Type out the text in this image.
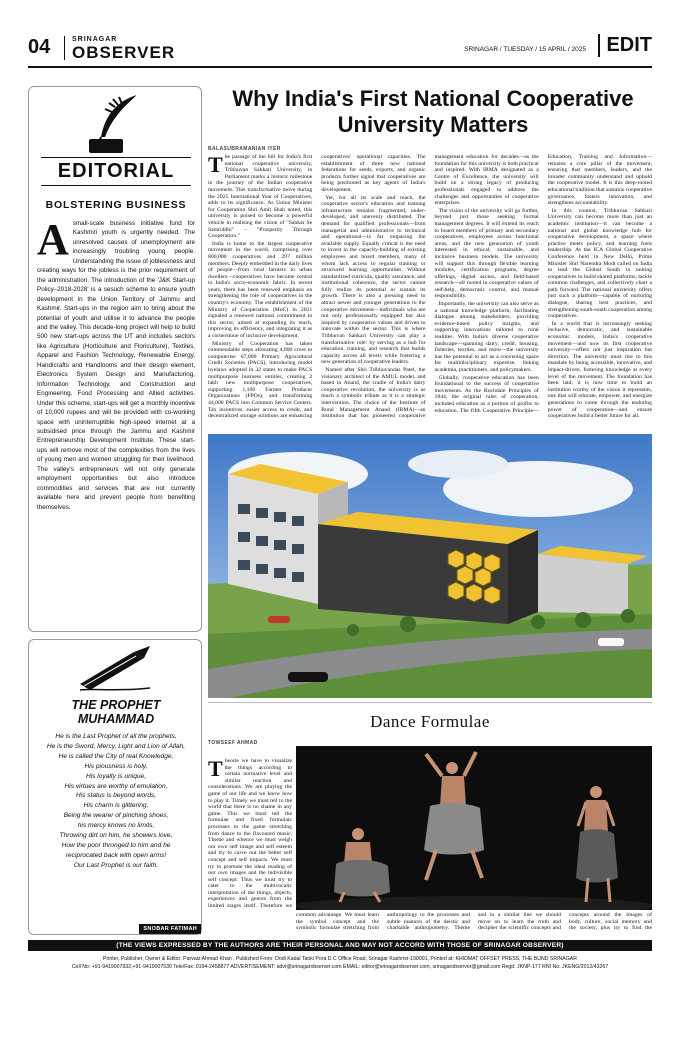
04	SRINAGAR
OBSERVER	SRINAGAR / TUESDAY / 15 APRIL / 2025	EDIT
EDITORIAL
BOLSTERING BUSINESS
A small-scale business initiative fund for Kashmiri youth is urgently needed. The unresolved causes of unemployment are increasingly troubling young people. Understanding the issue of joblessness and creating ways for the jobless is the prior requirement of the administration. The introduction of the 'J&K Start-up Policy–2018-2028' is a sesuch scheme to ensure youth development in the Union Territory of Jammu and Kashmir. Start-ups in the region aim to bring about the potential of youth and utilise it to advance the people and the valley. This decade-long project will help to build 500 new start-ups across the UT and includes sectors like Agriculture (Horticulture and Floriculture), Textiles, Apparel and Fashion Technology, Renewable Energy, Handicrafts and Handlooms and their design element, Electronics System Design and Manufacturing, Information Technology, and Construction and Engineering, Food Processing and Allied activities. Under this scheme, start-ups will get a monthly incentive of 10,000 rupees and will be provided with co-working space with uninterruptible high-speed internet at a subsidised price through the Jammu and Kashmir Entrepreneurship Development Institute. These start-ups will remove most of the complexities from the lives of young men and women struggling for their livelihood. The valley's entrepreneurs will not only generate employment opportunities but also introduce commodities and services that are not currently available here and prevent people from benefiting themselves.
THE PROPHET MUHAMMAD
He is the Last Prophet of all the prophets,
He is the Sword, Mercy, Light and Lion of Allah,
He is called the City of real Knowledge,
His piousness is holy,
His loyalty is unique,
His virtues are worthy of emulation,
His status is beyond words,
His charm is glittering,
Being the wearer of pinching shoes,
his mercy knows no limits,
Throwing dirt on him, he showers love,
How the poor thronged to him and he
reciprocated back with open arms!
Our Last Prophet is our faith.
SNOBAR FATIMAH
Why India's First National Cooperative University Matters
BALASUBRAMANIAN IYER

The passage of the bill for India's first national cooperative university, Tribhuvan Sahkari University, in Parliament marks a historic milestone in the journey of the Indian cooperative movement. This transformative move during the 2025 International Year of Cooperatives, adds to its significance. As Union Minister for Cooperation Shri Amit Shah noted, this university is poised to become a powerful vehicle in realising the vision of "Sahkar Se Samriddhi" – "Prosperity Through Cooperation."

India is home to the largest cooperative movement in the world, comprising over 800,000 cooperatives and 297 million members. Deeply embedded in the daily lives of people—from rural farmers to urban dwellers—cooperatives have become central to India's socio-economic fabric. In recent years, there has been renewed emphasis on strengthening the role of cooperatives in the country's economy. The establishment of the Ministry of Cooperation (MoC) in 2021 signaled a renewed national commitment to this sector, aimed at expanding its reach, improving its efficiency, and integrating it as a cornerstone of inclusive development.

Ministry of Cooperation has taken commendable steps allocating 4,000 crore to computerise 67,000 Primary Agricultural Credit Societies (PACS), introducing model byelaws adopted in 32 states to make PACS multipurpose business entities, creating 2 lakh new multipurpose cooperatives, supporting 1,100 Farmer Producer Organizations (FPOs), and transforming 44,000 PACS into Common Service Centers. Tax incentives, easier access to credit, and decentralized storage solutions are enhancing cooperatives' operational capacities. The establishment of three new national federations for seeds, exports, and organic products further signal that cooperatives are being positioned as key agents of India's development.

Yet, for all its scale and reach, the cooperative sector's education and training infrastructure remains fragmented, under-developed, and unevenly distributed. The demand for qualified professionals—from managerial and administrative to technical and operational—is far outpacing the available supply. Equally critical is the need to invest in the capacity-building of existing employees and board members, many of whom lack access to regular training or structured learning opportunities. Without standardized curricula, quality assurance, and institutional coherence, the sector cannot fully realize its potential or sustain its growth. There is also a pressing need to attract newer and younger generations to the cooperative movement—individuals who are not only professionally equipped but also inspired by cooperative values and driven to innovate within the sector. This is where Tribhuvan Sahkari University can play a transformative role: by serving as a hub for education, training, and research that builds capacity across all levels while fostering a new generation of cooperative leaders.

Named after Shri Tribhuvandas Patel, the visionary architect of the AMUL model, and based in Anand, the cradle of India's dairy cooperative revolution, the university is as much a symbolic tribute as it is a strategic intervention. The choice of the Institute of Rural Management Anand (IRMA)—an institution that has pioneered cooperative management education for decades—as the foundation for this university is both practical and inspired. With IRMA designated as a Centre of Excellence, the university will build on a strong legacy of producing professionals engaged to address the challenges and opportunities of cooperative enterprises.

The vision of the university will go further, beyond just those seeking formal management degrees. It will extend its reach to board members of primary and secondary cooperatives, employees across functional areas, and the new generation of youth interested in ethical, sustainable, and inclusive business models. The university will support this through flexible learning modules, certification programs, degree offerings, digital access, and field-based research—all rooted in cooperative values of self-help, democratic control, and mutual responsibility.

Importantly, the university can also serve as a national knowledge platform, facilitating dialogue among stakeholders, providing evidence-based policy insights, and supporting innovations tailored to rural realities. With India's diverse cooperative landscape—spanning dairy, credit, housing, fisheries, textiles, and more—the university has the potential to act as a convening space for multidisciplinary expertise, linking academia, practitioners, and policymakers.

Globally, cooperative education has been foundational to the success of cooperative movements. As the Rochdale Principles of 1844, the original rules of cooperation, included education as a portion of profits to education. The fifth Cooperative Principle—Education, Training and Information—remains a core pillar of the movement, ensuring that members, leaders, and the broader community understand and uphold the cooperative model. It is this deep-rooted educational tradition that sustains cooperative governance, fosters innovation, and strengthens accountability.

In this context, Tribhuvan Sahkari University can become more than just an academic institution—it can become a national and global knowledge hub for cooperative development, a space where practice meets policy, and learning fuels leadership. At the ICA Global Cooperative Conference held in New Delhi, Prime Minister Shri Narendra Modi called on India to lead the Global South in uniting cooperatives to build shared platforms, tackle common challenges, and collectively chart a path forward. The national university offers just such a platform—capable of nurturing dialogue, sharing best practices, and strengthening south-south cooperation among cooperatives.

In a world that is increasingly seeking inclusive, democratic, and sustainable economic models, India's cooperative movement—and now its first cooperative university—offers not just inspiration but direction. The university must rise to this mandate by being accessible, innovative, and impact-driven, fostering knowledge at every level of the movement. The foundation has been laid; it is now time to build an institution worthy of the vision it represents, one that will educate, empower, and energize generations to come through the enduring power of cooperation—and ensure cooperatives build a better future for all.

Dance Formulae
TOWSEEF AHMAD
T heorie we have to visualize the things according to certain normative level and similar reaction and considerations. We are playing the game of our life and we know how to play it. Timely we must tell to the world that there is no shame in any game. This we must tell the formulae and fixed formulaic processes to the game stretching from dance to the flavoured music. Theme and whence we must weigh our own self image and self esteem and try to carve out the better self concept and self impacts. We must try to promote the ideal reading of our own images and the indivisible self concept. Thus we must try to cater to the multivocalic interpretation of the things, objects, experiences and genres from the limited stages itself. Therefore we
common advantage. We must learn the symbol concept and the symbolic formulae stretching from anthropology to the processes and subtle nuances of the deistic and charitable anthropometry. Theme and in a similar line we should move on to learn the truth and decipher the scientific concepts and concepts around the images of body, culture, social memory and the society, plus try to find the
(THE VIEWS EXPRESSED BY THE AUTHORS ARE THEIR PERSONAL AND MAY NOT ACCORD WITH THOSE OF SRINAGAR OBSERVER)
Printer, Publisher, Owner & Editor: Parvaiz Ahmad Khan , Published From: Dodi Kadal Tanki Pora D.C Office Road, Srinagar Kashmir-190001, Printed at: KHIDMAT OFFSET PRESS, THE BUND SRINAGAR
Cell No: +91-9419007932,+91-9419007530 Tele/Fax: 0194-2458877 ADVERTISEMENT: advt@srinagarobserver.com EMAIL: editor@srinagarobserver.com, srinagarobserver@gmail.com Regd: JKNP-177 RNI No: JKENG/2012/43267
